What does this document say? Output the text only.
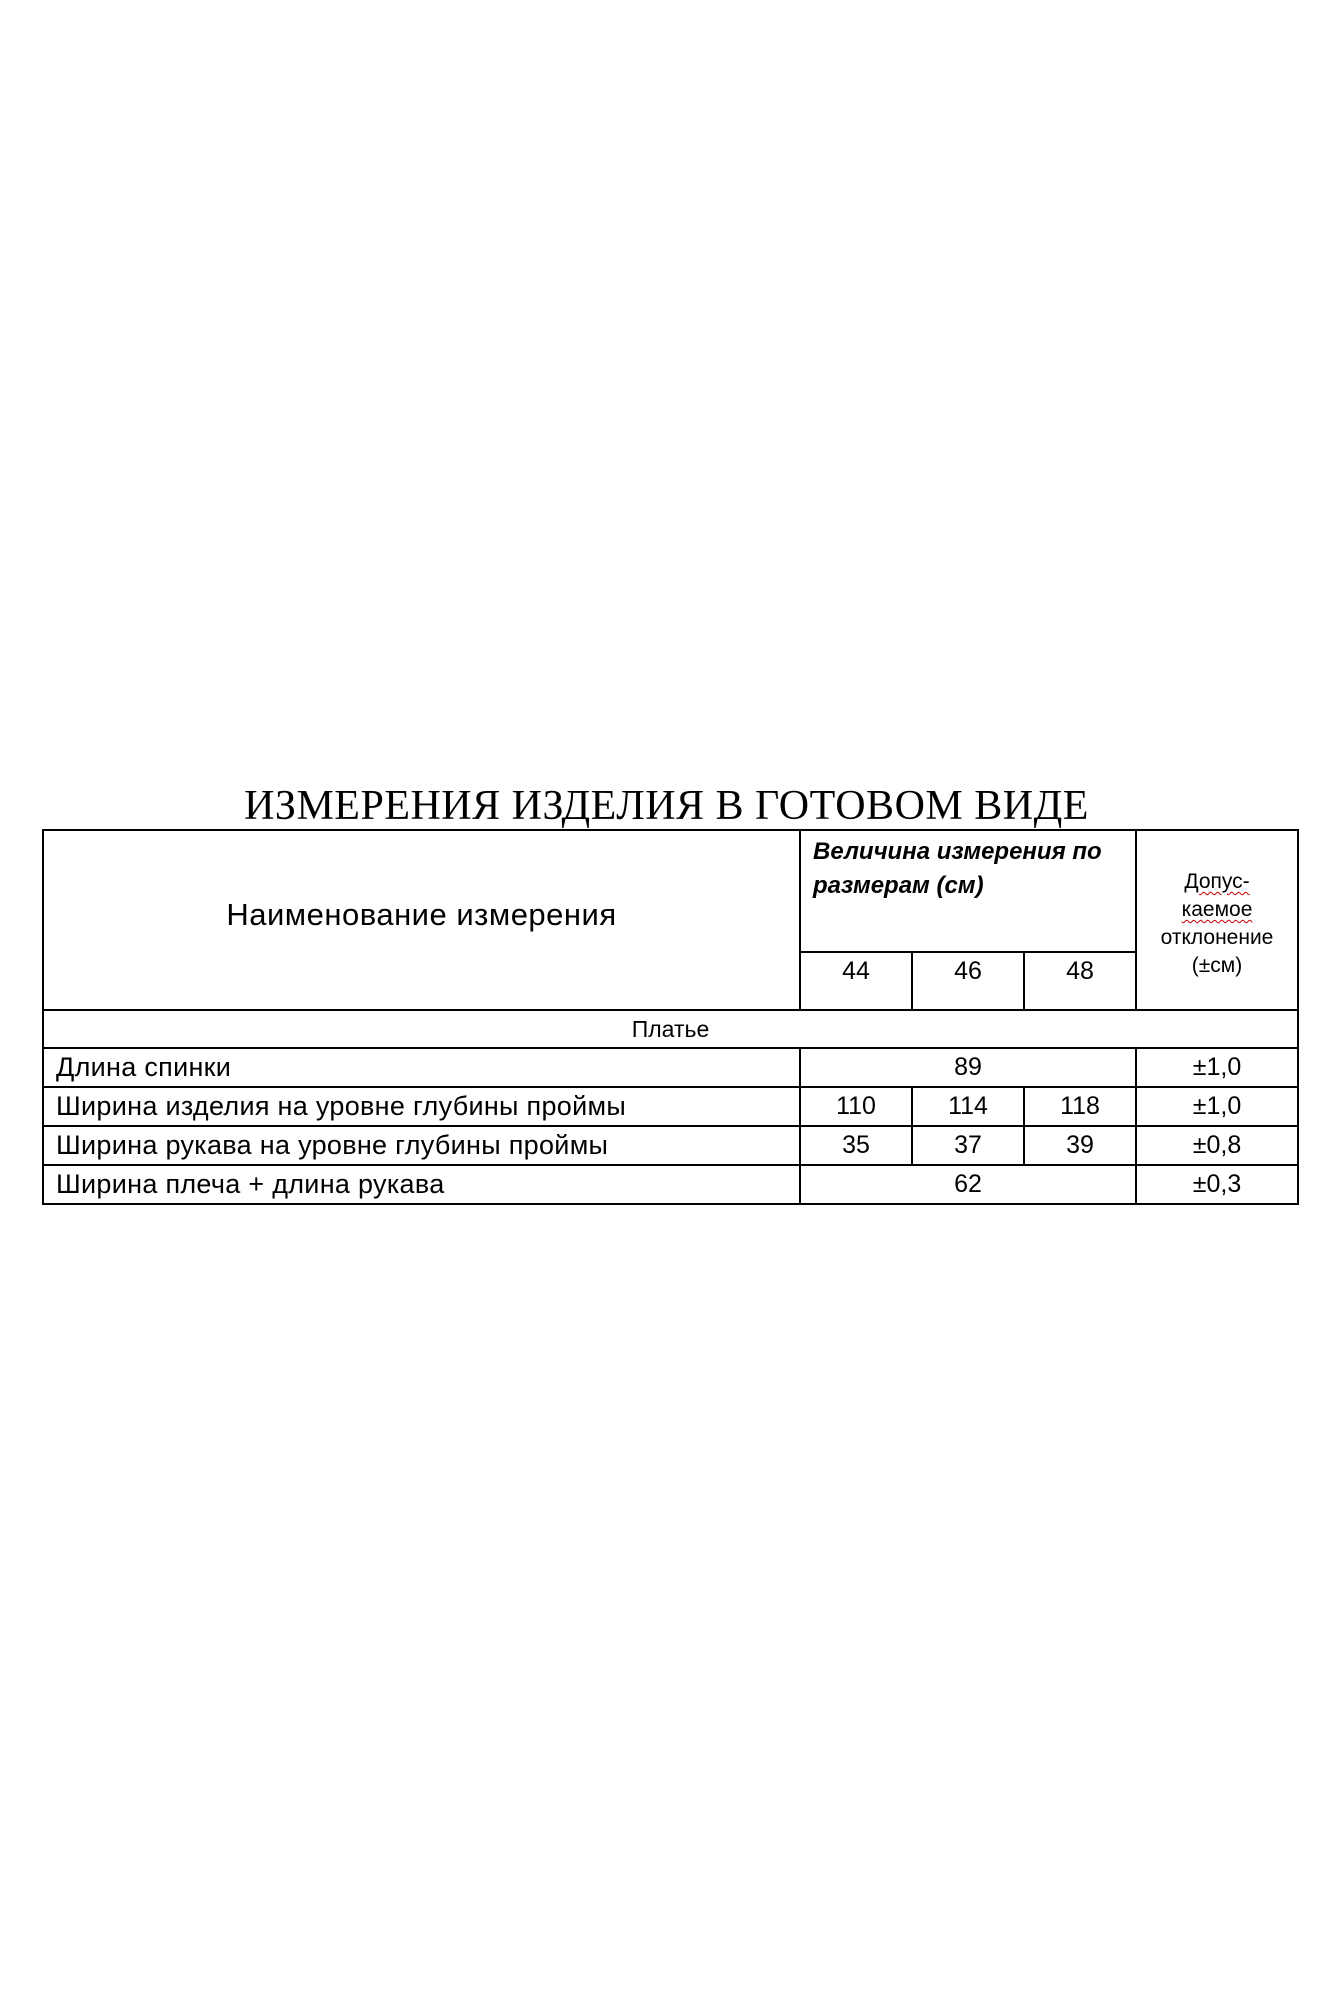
ИЗМЕРЕНИЯ ИЗДЕЛИЯ В ГОТОВОМ ВИДЕ
Наименование измерения	Величина измерения по размерам (см)			Допус-
каемое
отклонение
(±см)
	44	46	48	
Платье				
Длина спинки	89			±1,0
Ширина изделия на уровне глубины проймы	110	114	118	±1,0
Ширина рукава на уровне глубины проймы	35	37	39	±0,8
Ширина плеча + длина рукава	62			±0,3
